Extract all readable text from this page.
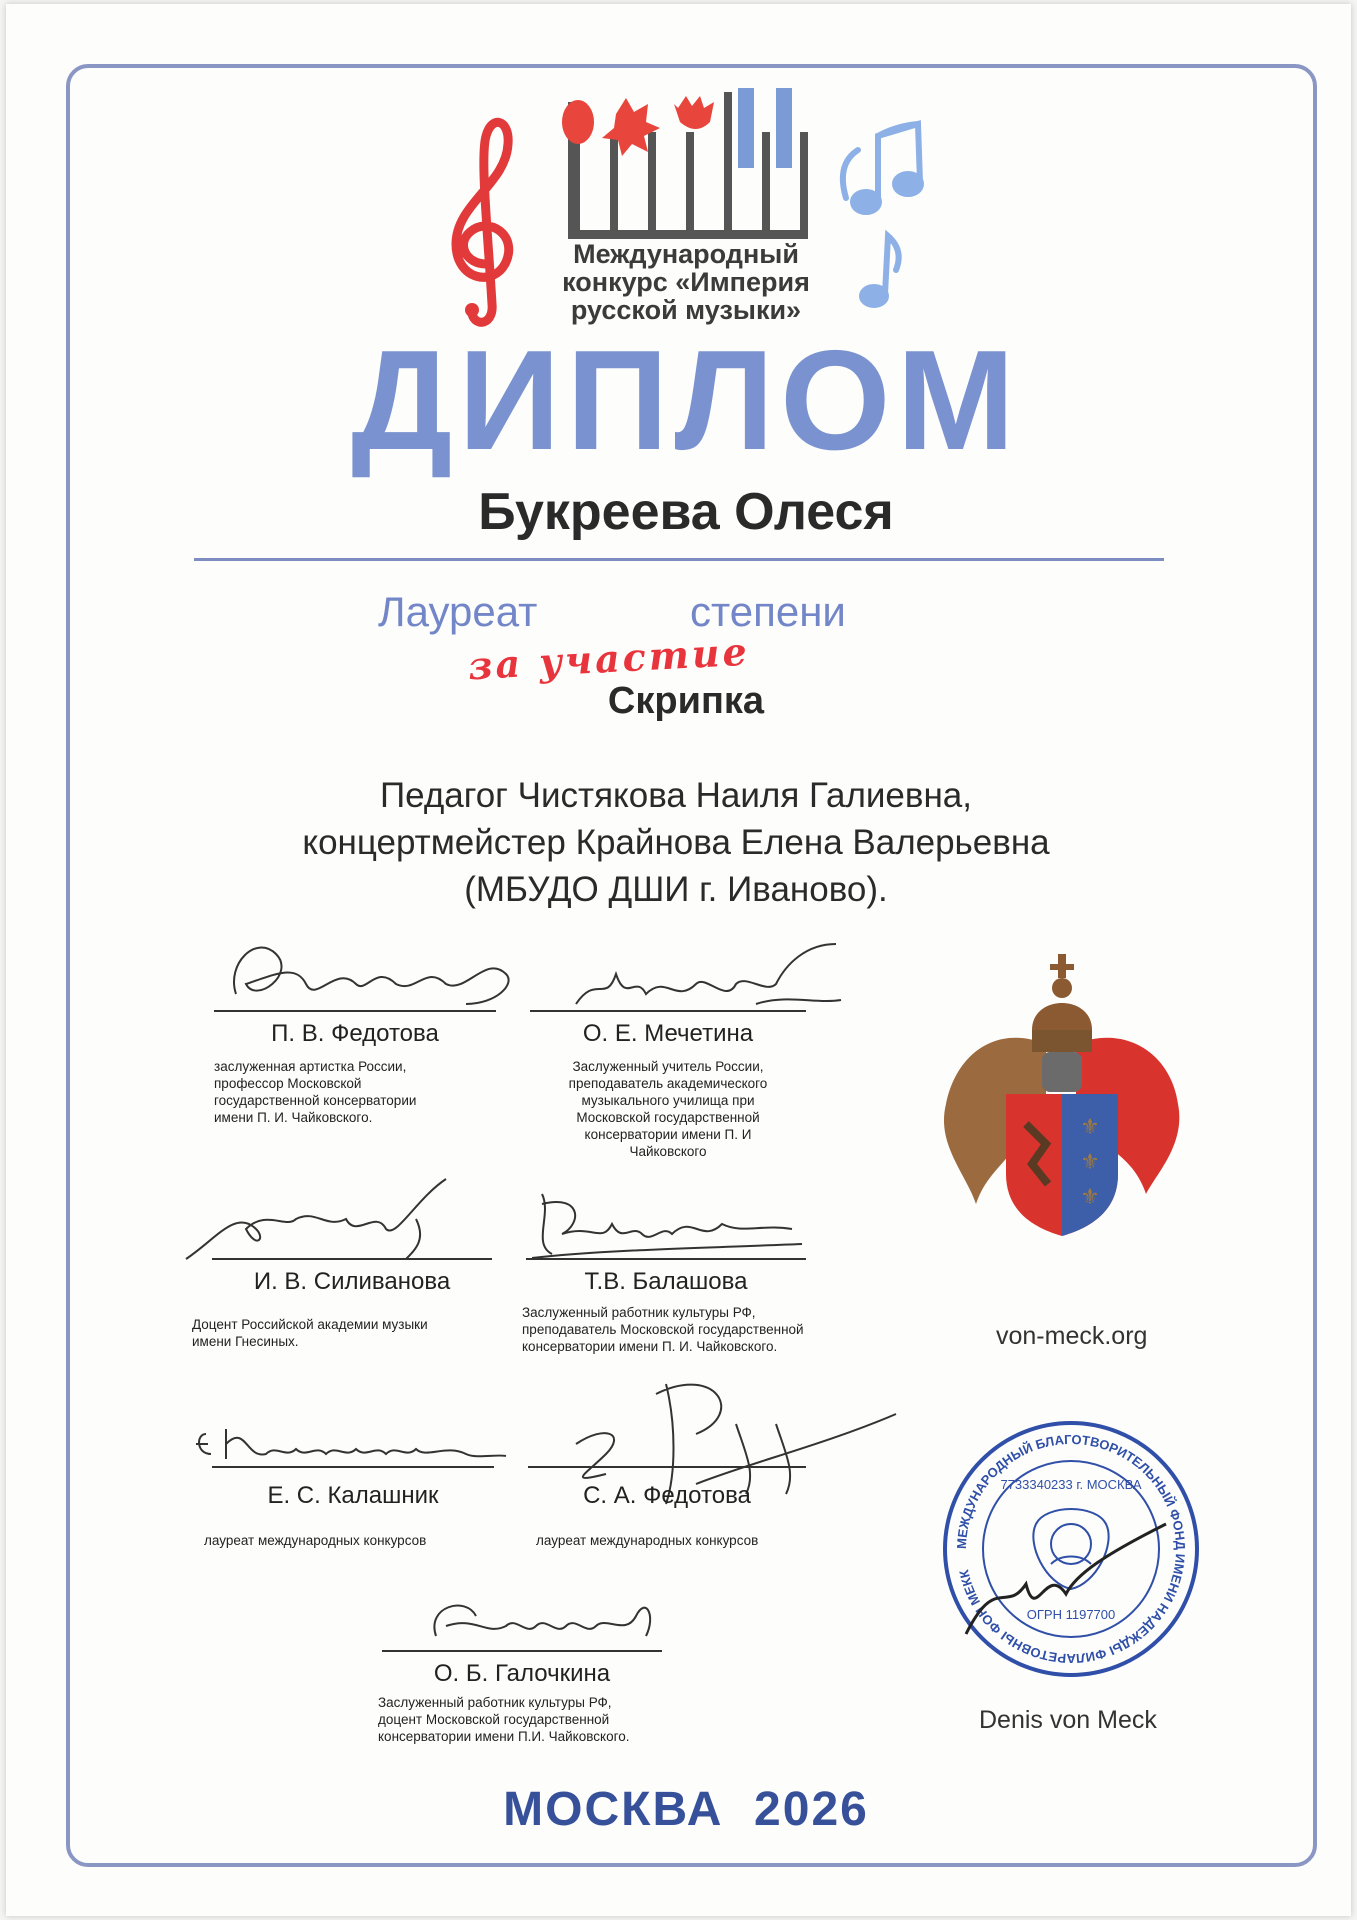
Международный
конкурс «Империя
русской музыки»
ДИПЛОМ
Букреева Олеся
Лауреат	степени
за участие
Скрипка
Педагог Чистякова Наиля Галиевна,
концертмейстер Крайнова Елена Валерьевна
(МБУДО ДШИ г. Иваново).
П. В. Федотова
заслуженная артистка России,
профессор Московской
государственной консерватории
имени П. И. Чайковского.
О. Е. Мечетина
Заслуженный учитель России,
преподаватель академического
музыкального училища при
Московской государственной
консерватории имени П. И
Чайковского
И. В. Силиванова
Доцент Российской академии музыки
имени Гнесиных.
Т.В. Балашова
Заслуженный работник культуры РФ,
преподаватель Московской государственной
консерватории имени П. И. Чайковского.
Е. С. Калашник
лауреат международных конкурсов
С. А. Федотова
лауреат международных конкурсов
О. Б. Галочкина
Заслуженный работник культуры РФ,
доцент Московской государственной
консерватории имени П.И. Чайковского.
⚜
⚜
⚜
von-meck.org
МЕЖДУНАРОДНЫЙ БЛАГОТВОРИТЕЛЬНЫЙ ФОНД ИМЕНИ НАДЕЖДЫ ФИЛАРЕТОВНЫ ФОН МЕКК
7733340233 г. МОСКВА
ОГРН 1197700
Denis von Meck
МОСКВА 2026
